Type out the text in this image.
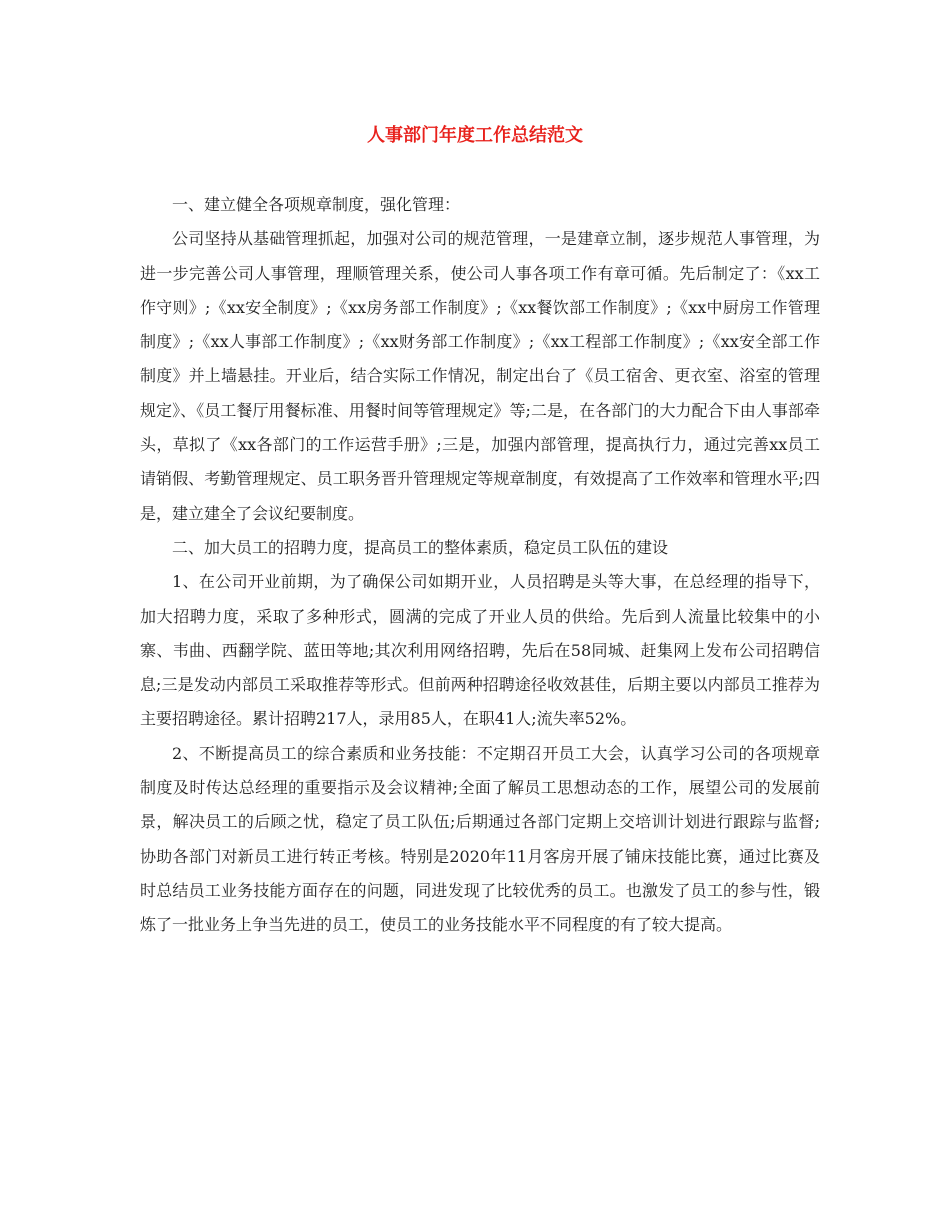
人事部门年度工作总结范文

一、建立健全各项规章制度，强化管理：

公司坚持从基础管理抓起，加强对公司的规范管理，一是建章立制，逐步规范人事管理，为进一步完善公司人事管理，理顺管理关系，使公司人事各项工作有章可循。先后制定了：《xx工作守则》;《xx安全制度》;《xx房务部工作制度》;《xx餐饮部工作制度》;《xx中厨房工作管理制度》;《xx人事部工作制度》;《xx财务部工作制度》;《xx工程部工作制度》;《xx安全部工作制度》并上墙悬挂。开业后，结合实际工作情况，制定出台了《员工宿舍、更衣室、浴室的管理规定》、《员工餐厅用餐标准、用餐时间等管理规定》等;二是，在各部门的大力配合下由人事部牵头，草拟了《xx各部门的工作运营手册》;三是，加强内部管理，提高执行力，通过完善xx员工请销假、考勤管理规定、员工职务晋升管理规定等规章制度，有效提高了工作效率和管理水平;四是，建立建全了会议纪要制度。

二、加大员工的招聘力度，提高员工的整体素质，稳定员工队伍的建设

1、在公司开业前期，为了确保公司如期开业，人员招聘是头等大事，在总经理的指导下，加大招聘力度，采取了多种形式，圆满的完成了开业人员的供给。先后到人流量比较集中的小寨、韦曲、西翻学院、蓝田等地;其次利用网络招聘，先后在58同城、赶集网上发布公司招聘信息;三是发动内部员工采取推荐等形式。但前两种招聘途径收效甚佳，后期主要以内部员工推荐为主要招聘途径。累计招聘217人，录用85人，在职41人;流失率52%。

2、不断提高员工的综合素质和业务技能：不定期召开员工大会，认真学习公司的各项规章制度及时传达总经理的重要指示及会议精神;全面了解员工思想动态的工作，展望公司的发展前景，解决员工的后顾之忧，稳定了员工队伍;后期通过各部门定期上交培训计划进行跟踪与监督;协助各部门对新员工进行转正考核。特别是2020年11月客房开展了铺床技能比赛，通过比赛及时总结员工业务技能方面存在的问题，同进发现了比较优秀的员工。也激发了员工的参与性，锻炼了一批业务上争当先进的员工，使员工的业务技能水平不同程度的有了较大提高。
